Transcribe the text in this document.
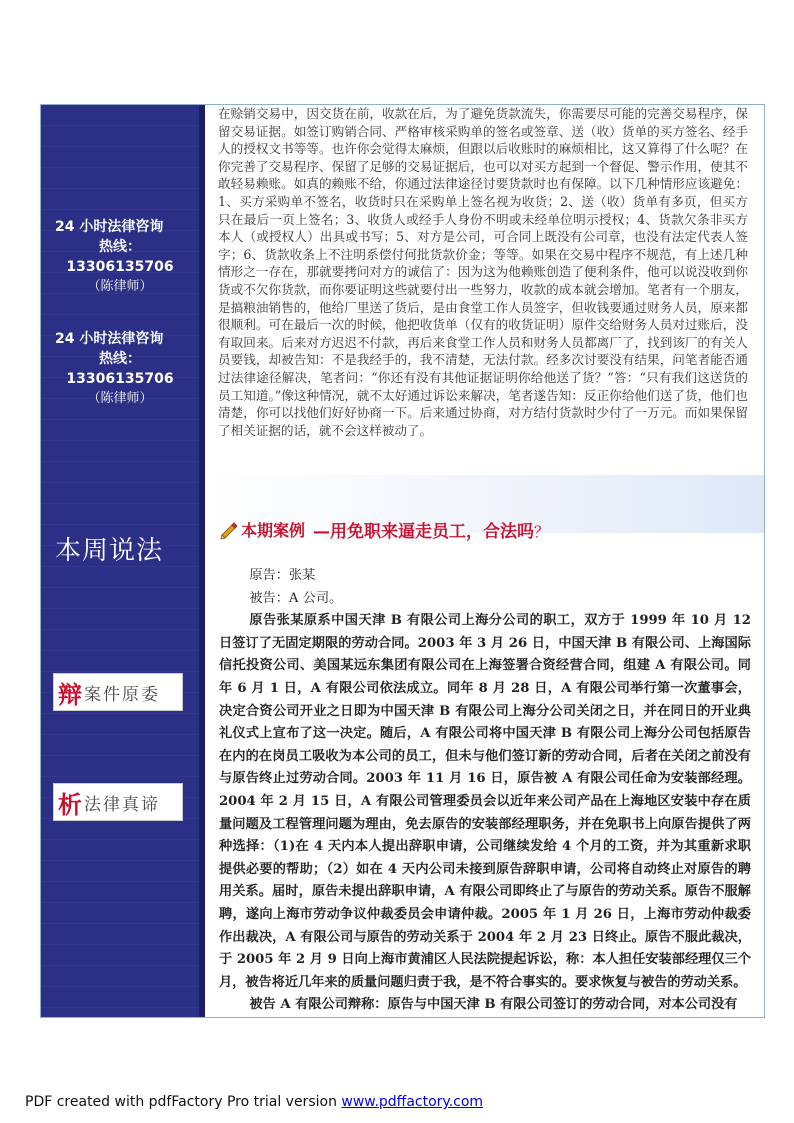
24 小时法律咨询
热线：
13306135706
（陈律师）
24 小时法律咨询
热线：
13306135706
（陈律师）
本周说法
辩 案件原委
析 法律真谛
在赊销交易中，因交货在前，收款在后，为了避免货款流失，你需要尽可能的完善交易程序，保留交易证据。如签订购销合同、严格审核采购单的签名或签章、送（收）货单的买方签名、经手人的授权文书等等。也许你会觉得太麻烦，但跟以后收账时的麻烦相比，这又算得了什么呢？在你完善了交易程序、保留了足够的交易证据后，也可以对买方起到一个督促、警示作用，使其不敢轻易赖账。如真的赖账不给，你通过法律途径讨要货款时也有保障。以下几种情形应该避免：1、买方采购单不签名，收货时只在采购单上签名视为收货；2、送（收）货单有多页，但买方只在最后一页上签名；3、收货人或经手人身份不明或未经单位明示授权；4、货款欠条非买方本人（或授权人）出具或书写；5、对方是公司，可合同上既没有公司章，也没有法定代表人签字；6、货款收条上不注明系偿付何批货款价金；等等。如果在交易中程序不规范，有上述几种情形之一存在，那就要拷问对方的诚信了：因为这为他赖账创造了便利条件，他可以说没收到你货或不欠你货款，而你要证明这些就要付出一些努力，收款的成本就会增加。笔者有一个朋友，是搞粮油销售的，他给厂里送了货后，是由食堂工作人员签字，但收钱要通过财务人员，原来都很顺利。可在最后一次的时候，他把收货单（仅有的收货证明）原件交给财务人员对过账后，没有取回来。后来对方迟迟不付款，再后来食堂工作人员和财务人员都离厂了，找到该厂的有关人员要钱，却被告知：不是我经手的，我不清楚，无法付款。经多次讨要没有结果，问笔者能否通过法律途径解决，笔者问：“你还有没有其他证据证明你给他送了货？”答：“只有我们这送货的员工知道。”像这种情况，就不太好通过诉讼来解决，笔者遂告知：反正你给他们送了货，他们也清楚，你可以找他们好好协商一下。后来通过协商，对方结付货款时少付了一万元。而如果保留了相关证据的话，就不会这样被动了。
本期案例 —用免职来逼走员工，合法吗？

原告：张某

被告：A 公司。

原告张某原系中国天津 B 有限公司上海分公司的职工，双方于 1999 年 10 月 12 日签订了无固定期限的劳动合同。2003 年 3 月 26 日，中国天津 B 有限公司、上海国际信托投资公司、美国某远东集团有限公司在上海签署合资经营合同，组建 A 有限公司。同年 6 月 1 日，A 有限公司依法成立。同年 8 月 28 日，A 有限公司举行第一次董事会，决定合资公司开业之日即为中国天津 B 有限公司上海分公司关闭之日，并在同日的开业典礼仪式上宣布了这一决定。随后，A 有限公司将中国天津 B 有限公司上海分公司包括原告在内的在岗员工吸收为本公司的员工，但未与他们签订新的劳动合同，后者在关闭之前没有与原告终止过劳动合同。2003 年 11 月 16 日，原告被 A 有限公司任命为安装部经理。2004 年 2 月 15 日，A 有限公司管理委员会以近年来公司产品在上海地区安装中存在质量问题及工程管理问题为理由，免去原告的安装部经理职务，并在免职书上向原告提供了两种选择：（1)在 4 天内本人提出辞职申请，公司继续发给 4 个月的工资，并为其重新求职提供必要的帮助；（2）如在 4 天内公司未接到原告辞职申请，公司将自动终止对原告的聘用关系。届时，原告未提出辞职申请，A 有限公司即终止了与原告的劳动关系。原告不服解聘，遂向上海市劳动争议仲裁委员会申请仲裁。2005 年 1 月 26 日，上海市劳动仲裁委作出裁决，A 有限公司与原告的劳动关系于 2004 年 2 月 23 日终止。原告不服此裁决，于 2005 年 2 月 9 日向上海市黄浦区人民法院提起诉讼，称：本人担任安装部经理仅三个月，被告将近几年来的质量问题归责于我，是不符合事实的。要求恢复与被告的劳动关系。

被告 A 有限公司辩称：原告与中国天津 B 有限公司签订的劳动合同，对本公司没有

PDF created with pdfFactory Pro trial version www.pdffactory.com
